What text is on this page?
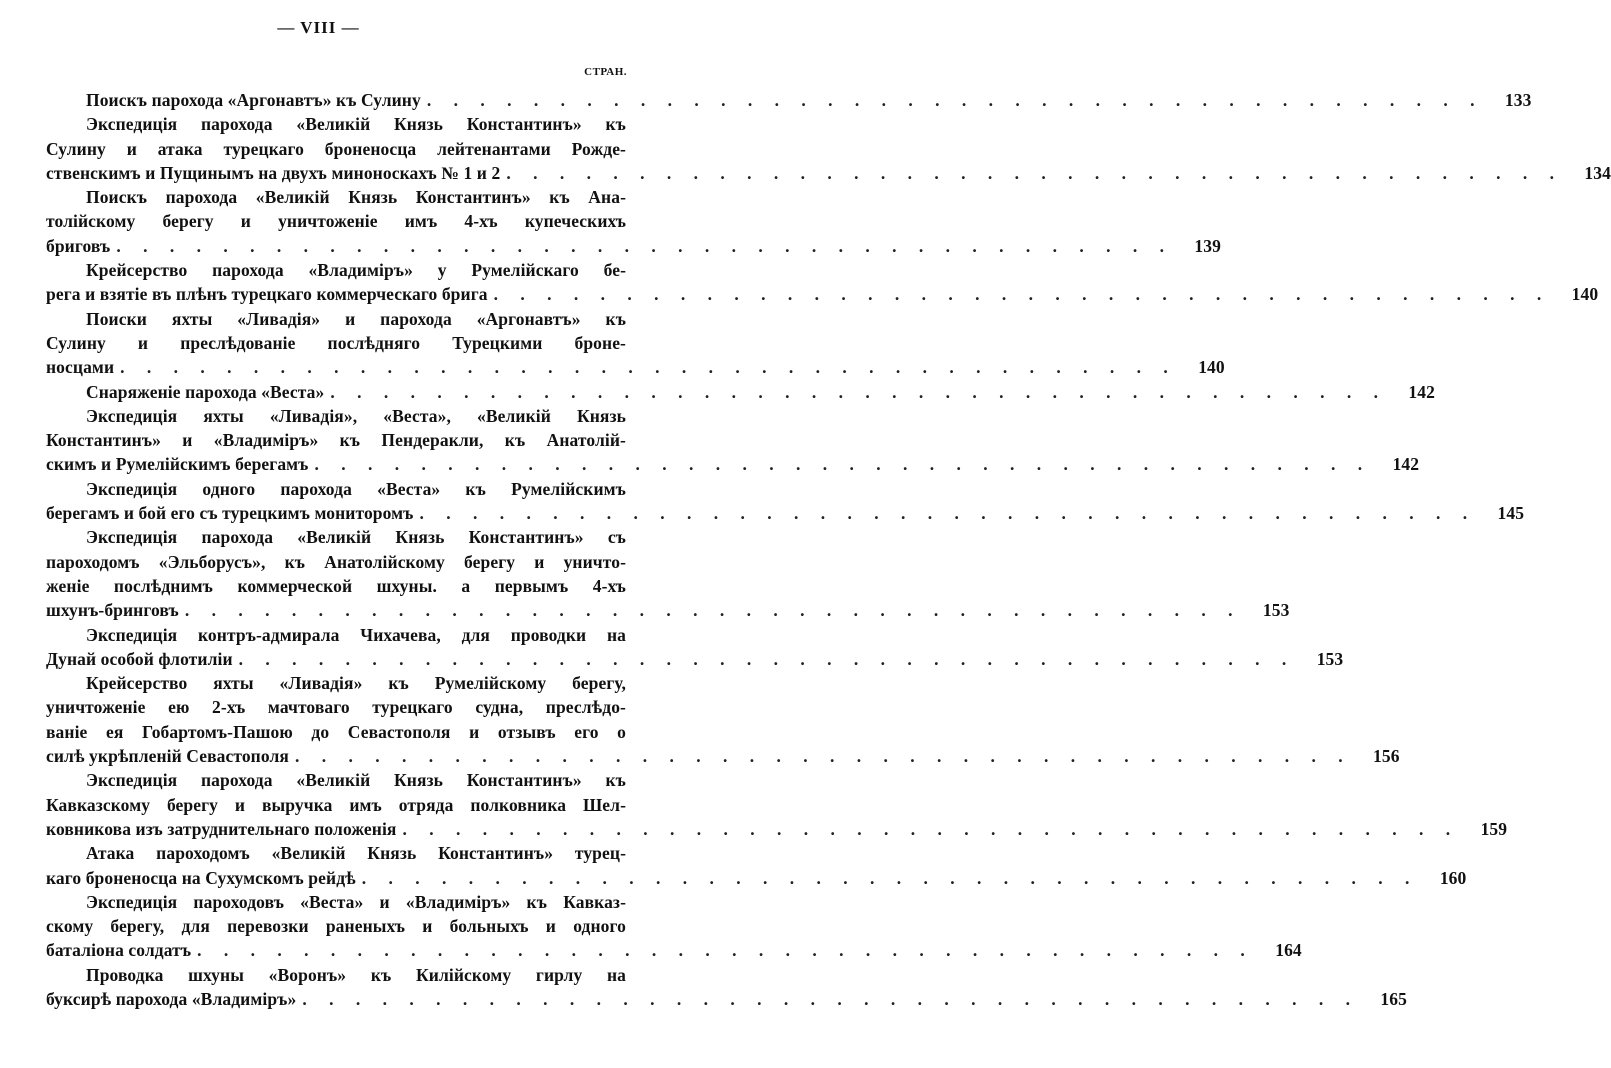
— VIII —
СТРАН.
Поискъ парохода «Аргонавтъ» къ Сулину . . . . . . . . . . . . . . . . . . . . . . . . . . . . . . . . . . . . . . . .	133
Экспедиція парохода «Великій Князь Константинъ» къ
Сулину и атака турецкаго броненосца лейтенантами Рожде-
ственскимъ и Пущинымъ на двухъ миноноскахъ № 1 и 2 . . . . . . . . . . . . . . . . . . . . . . . . . . . . . . . . . . . . . . . .	134
Поискъ парохода «Великій Князь Константинъ» къ Ана-
толійскому берегу и уничтоженіе имъ 4-хъ купеческихъ
бриговъ . . . . . . . . . . . . . . . . . . . . . . . . . . . . . . . . . . . . . . . .	139
Крейсерство парохода «Владиміръ» у Румелійскаго бе-
рега и взятіе въ плѣнъ турецкаго коммерческаго брига . . . . . . . . . . . . . . . . . . . . . . . . . . . . . . . . . . . . . . . .	140
Поиски яхты «Ливадія» и парохода «Аргонавтъ» къ
Сулину и преслѣдованіе послѣдняго Турецкими броне-
носцами . . . . . . . . . . . . . . . . . . . . . . . . . . . . . . . . . . . . . . . .	140
Снаряженіе парохода «Веста» . . . . . . . . . . . . . . . . . . . . . . . . . . . . . . . . . . . . . . . .	142
Экспедиція яхты «Ливадія», «Веста», «Великій Князь
Константинъ» и «Владиміръ» къ Пендеракли, къ Анатолій-
скимъ и Румелійскимъ берегамъ . . . . . . . . . . . . . . . . . . . . . . . . . . . . . . . . . . . . . . . .	142
Экспедиція одного парохода «Веста» къ Румелійскимъ
берегамъ и бой его съ турецкимъ мониторомъ . . . . . . . . . . . . . . . . . . . . . . . . . . . . . . . . . . . . . . . .	145
Экспедиція парохода «Великій Князь Константинъ» съ
пароходомъ «Эльборусъ», къ Анатолійскому берегу и уничто-
женіе послѣднимъ коммерческой шхуны. а первымъ 4-хъ
шхунъ-бринговъ . . . . . . . . . . . . . . . . . . . . . . . . . . . . . . . . . . . . . . . .	153
Экспедиція контръ-адмирала Чихачева, для проводки на
Дунай особой флотиліи . . . . . . . . . . . . . . . . . . . . . . . . . . . . . . . . . . . . . . . .	153
Крейсерство яхты «Ливадія» къ Румелійскому берегу,
уничтоженіе ею 2-хъ мачтоваго турецкаго судна, преслѣдо-
ваніе ея Гобартомъ-Пашою до Севастополя и отзывъ его о
силѣ укрѣпленій Севастополя . . . . . . . . . . . . . . . . . . . . . . . . . . . . . . . . . . . . . . . .	156
Экспедиція парохода «Великій Князь Константинъ» къ
Кавказскому берегу и выручка имъ отряда полковника Шел-
ковникова изъ затруднительнаго положенія . . . . . . . . . . . . . . . . . . . . . . . . . . . . . . . . . . . . . . . .	159
Атака пароходомъ «Великій Князь Константинъ» турец-
каго броненосца на Сухумскомъ рейдѣ . . . . . . . . . . . . . . . . . . . . . . . . . . . . . . . . . . . . . . . .	160
Экспедиція пароходовъ «Веста» и «Владиміръ» къ Кавказ-
скому берегу, для перевозки раненыхъ и больныхъ и одного
баталіона солдатъ . . . . . . . . . . . . . . . . . . . . . . . . . . . . . . . . . . . . . . . .	164
Проводка шхуны «Воронъ» къ Килійскому гирлу на
буксирѣ парохода «Владиміръ» . . . . . . . . . . . . . . . . . . . . . . . . . . . . . . . . . . . . . . . .	165
